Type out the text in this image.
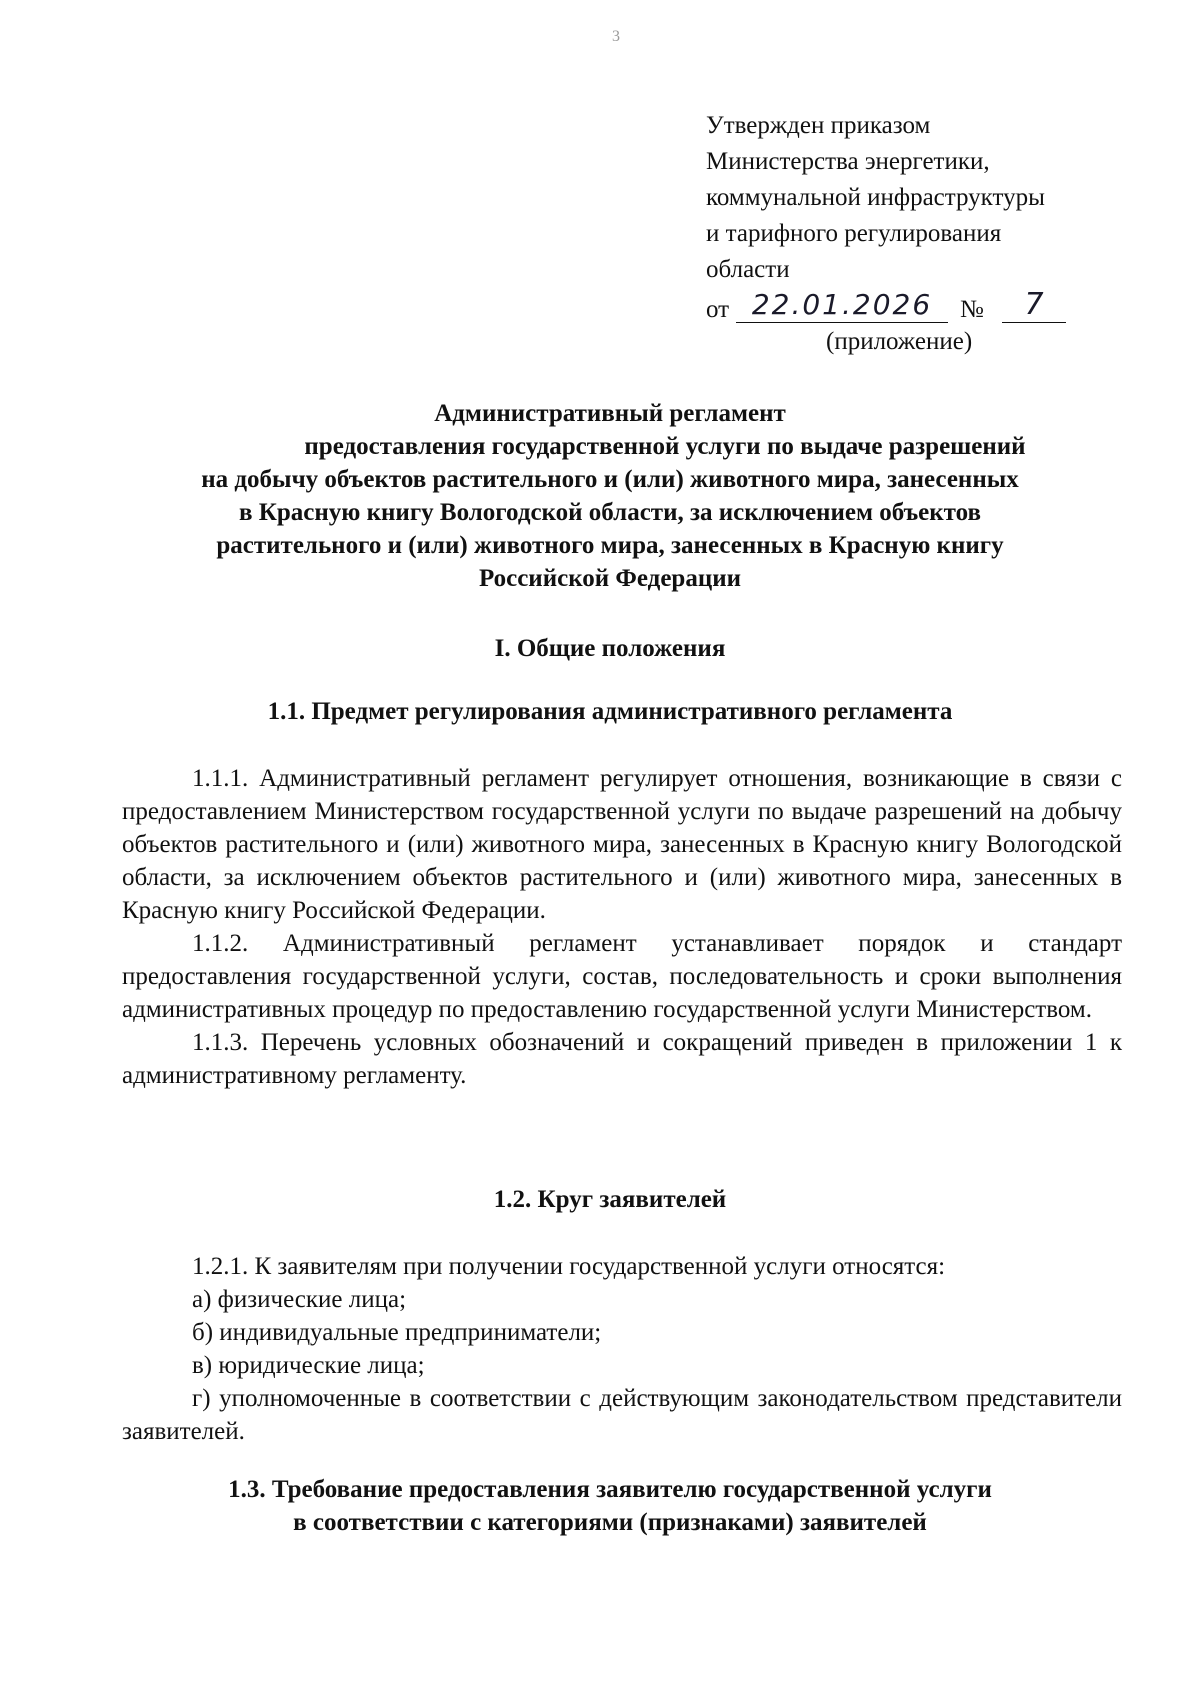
3
Утвержден приказом
Министерства энергетики,
коммунальной инфраструктуры
и тарифного регулирования
области
от 22.01.2026	№	7
(приложение)
Административный регламент
предоставления государственной услуги по выдаче разрешений
на добычу объектов растительного и (или) животного мира, занесенных
в Красную книгу Вологодской области, за исключением объектов
растительного и (или) животного мира, занесенных в Красную книгу
Российской Федерации
I. Общие положения
1.1. Предмет регулирования административного регламента

1.1.1. Административный регламент регулирует отношения, возникающие в связи с предоставлением Министерством государственной услуги по выдаче разрешений на добычу объектов растительного и (или) животного мира, занесенных в Красную книгу Вологодской области, за исключением объектов растительного и (или) животного мира, занесенных в Красную книгу Российской Федерации.

1.1.2. Административный регламент устанавливает порядок и стандарт предоставления государственной услуги, состав, последовательность и сроки выполнения административных процедур по предоставлению государственной услуги Министерством.

1.1.3. Перечень условных обозначений и сокращений приведен в приложении 1 к административному регламенту.

1.2. Круг заявителей

1.2.1. К заявителям при получении государственной услуги относятся:

а) физические лица;

б) индивидуальные предприниматели;

в) юридические лица;

г) уполномоченные в соответствии с действующим законодательством представители заявителей.

1.3. Требование предоставления заявителю государственной услуги
в соответствии с категориями (признаками) заявителей
